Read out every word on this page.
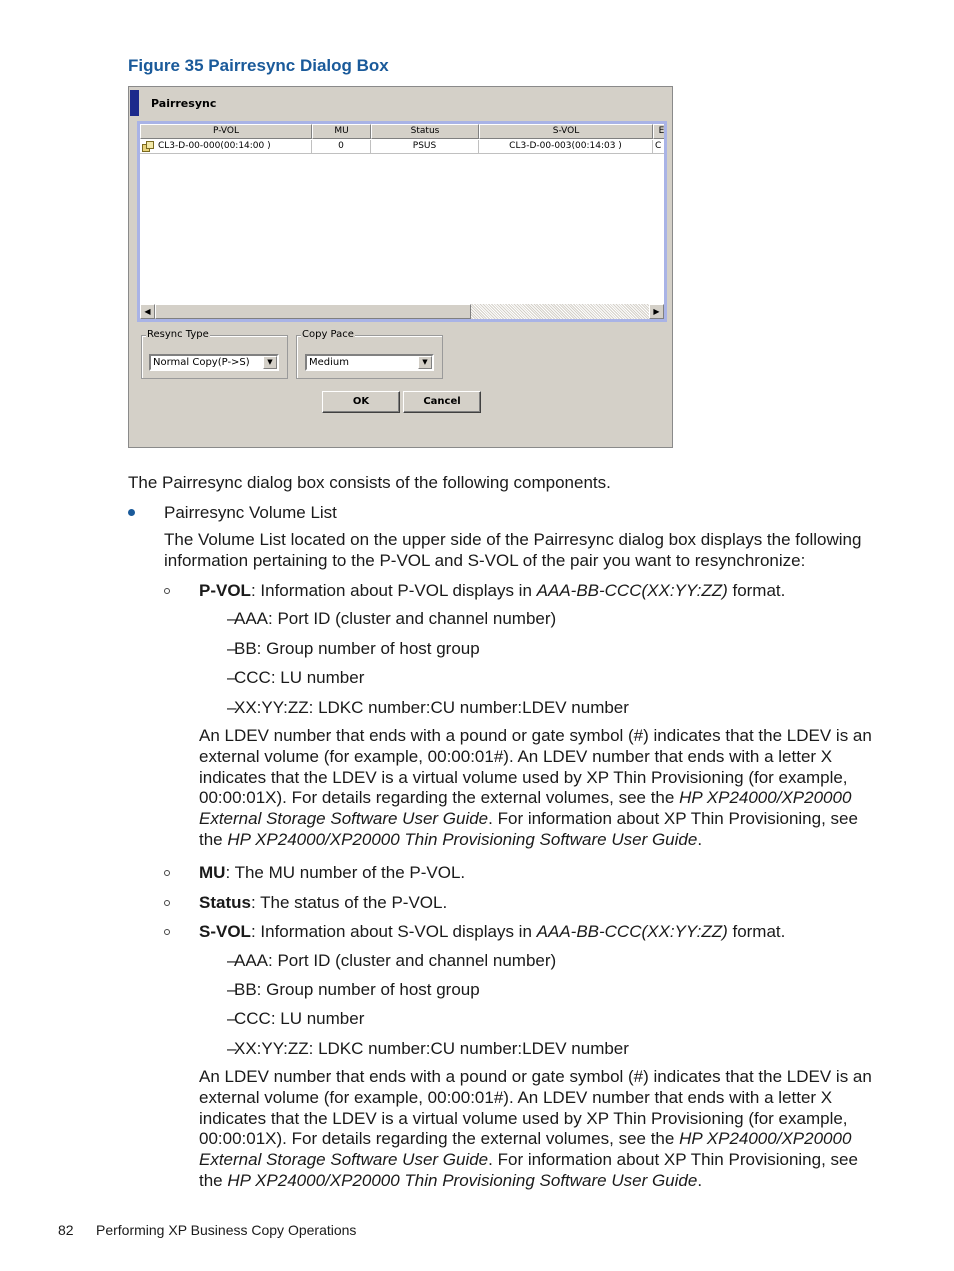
Figure 35 Pairresync Dialog Box
Pairresync
P-VOL	MU	Status	S-VOL	E
CL3-D-00-000(00:14:00 )	0	PSUS	CL3-D-00-003(00:14:03 )	C
◀	▶
Resync Type
Normal Copy(P->S)	▼
Copy Pace
Medium	▼
OK	Cancel
The Pairresync dialog box consists of the following components.
Pairresync Volume List
The Volume List located on the upper side of the Pairresync dialog box displays the following
information pertaining to the P-VOL and S-VOL of the pair you want to resynchronize:
P-VOL: Information about P-VOL displays in AAA-BB-CCC(XX:YY:ZZ) format.
–
AAA: Port ID (cluster and channel number)
–
BB: Group number of host group
–
CCC: LU number
–
XX:YY:ZZ: LDKC number:CU number:LDEV number
An LDEV number that ends with a pound or gate symbol (#) indicates that the LDEV is an
external volume (for example, 00:00:01#). An LDEV number that ends with a letter X
indicates that the LDEV is a virtual volume used by XP Thin Provisioning (for example,
00:00:01X). For details regarding the external volumes, see the HP XP24000/XP20000
External Storage Software User Guide. For information about XP Thin Provisioning, see
the HP XP24000/XP20000 Thin Provisioning Software User Guide.
MU: The MU number of the P-VOL.
Status: The status of the P-VOL.
S-VOL: Information about S-VOL displays in AAA-BB-CCC(XX:YY:ZZ) format.
–
AAA: Port ID (cluster and channel number)
–
BB: Group number of host group
–
CCC: LU number
–
XX:YY:ZZ: LDKC number:CU number:LDEV number
An LDEV number that ends with a pound or gate symbol (#) indicates that the LDEV is an
external volume (for example, 00:00:01#). An LDEV number that ends with a letter X
indicates that the LDEV is a virtual volume used by XP Thin Provisioning (for example,
00:00:01X). For details regarding the external volumes, see the HP XP24000/XP20000
External Storage Software User Guide. For information about XP Thin Provisioning, see
the HP XP24000/XP20000 Thin Provisioning Software User Guide.
82 Performing XP Business Copy Operations
